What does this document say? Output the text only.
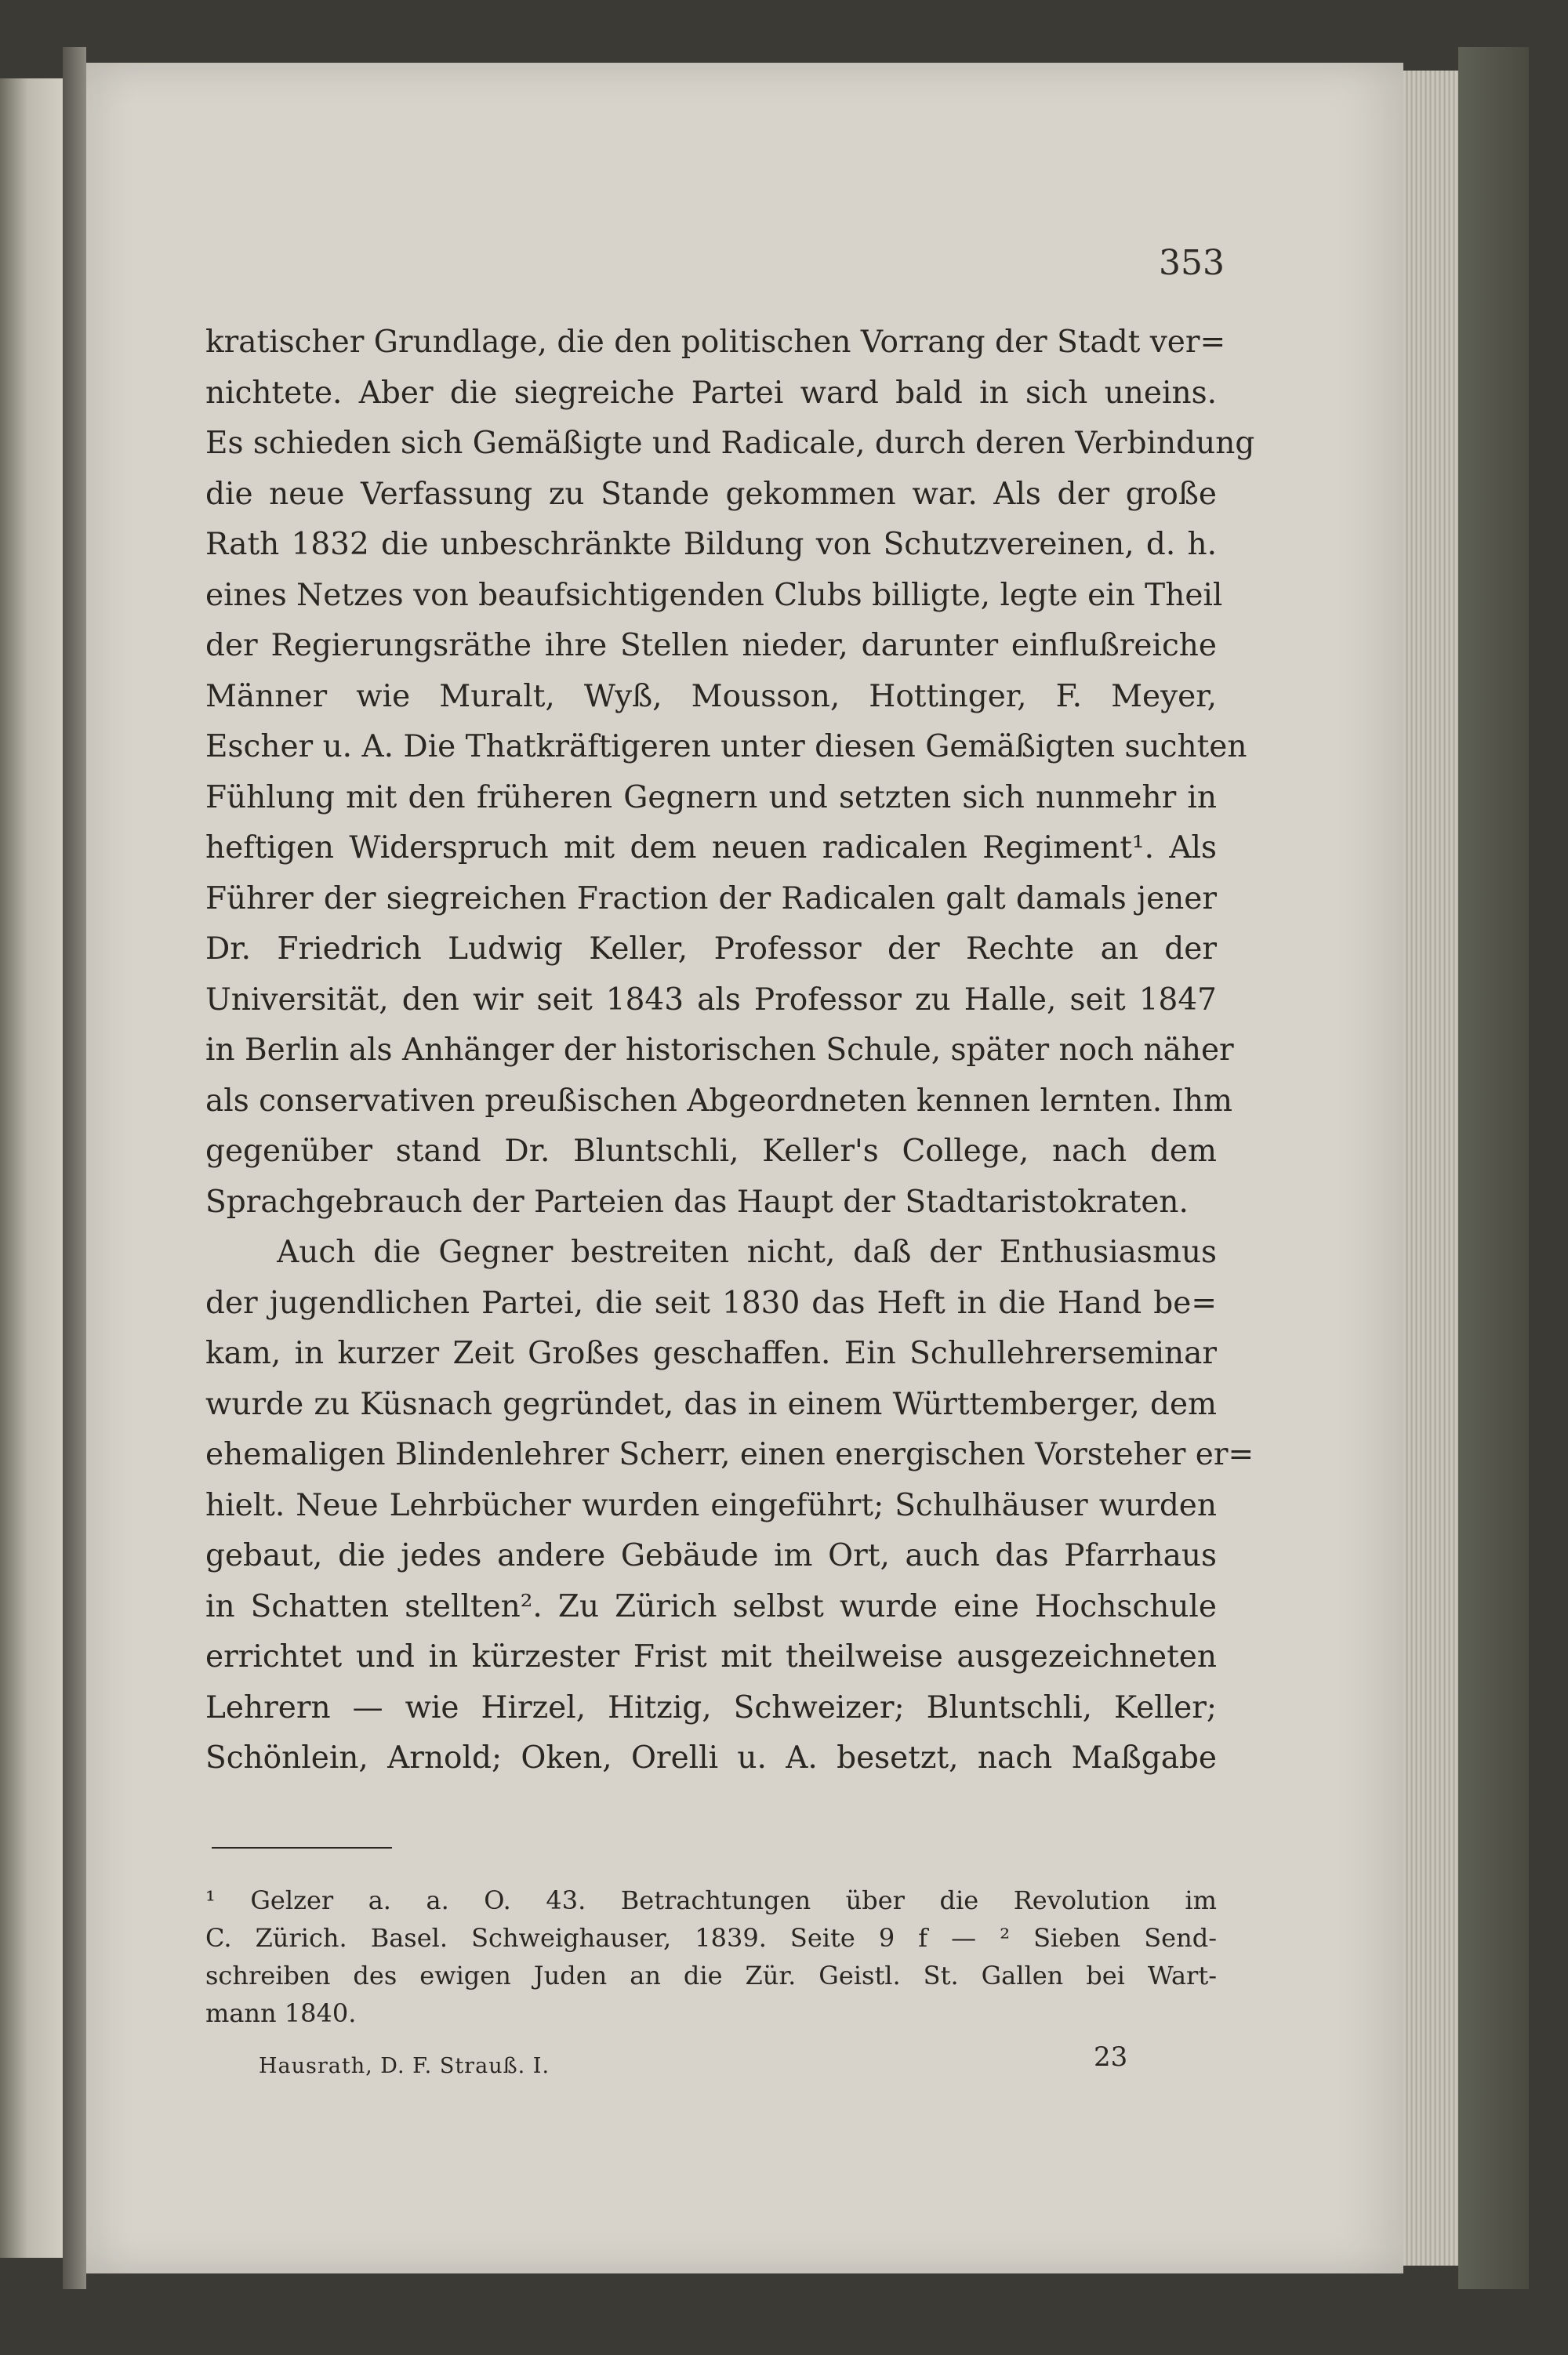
353
kratischer Grundlage, die den politischen Vorrang der Stadt ver=
nichtete. Aber die siegreiche Partei ward bald in sich uneins.
Es schieden sich Gemäßigte und Radicale, durch deren Verbindung
die neue Verfassung zu Stande gekommen war. Als der große
Rath 1832 die unbeschränkte Bildung von Schutzvereinen, d. h.
eines Netzes von beaufsichtigenden Clubs billigte, legte ein Theil
der Regierungsräthe ihre Stellen nieder, darunter einflußreiche
Männer wie Muralt, Wyß, Mousson, Hottinger, F. Meyer,
Escher u. A. Die Thatkräftigeren unter diesen Gemäßigten suchten
Fühlung mit den früheren Gegnern und setzten sich nunmehr in
heftigen Widerspruch mit dem neuen radicalen Regiment¹. Als
Führer der siegreichen Fraction der Radicalen galt damals jener
Dr. Friedrich Ludwig Keller, Professor der Rechte an der
Universität, den wir seit 1843 als Professor zu Halle, seit 1847
in Berlin als Anhänger der historischen Schule, später noch näher
als conservativen preußischen Abgeordneten kennen lernten. Ihm
gegenüber stand Dr. Bluntschli, Keller's College, nach dem
Sprachgebrauch der Parteien das Haupt der Stadtaristokraten.
Auch die Gegner bestreiten nicht, daß der Enthusiasmus
der jugendlichen Partei, die seit 1830 das Heft in die Hand be=
kam, in kurzer Zeit Großes geschaffen. Ein Schullehrerseminar
wurde zu Küsnach gegründet, das in einem Württemberger, dem
ehemaligen Blindenlehrer Scherr, einen energischen Vorsteher er=
hielt. Neue Lehrbücher wurden eingeführt; Schulhäuser wurden
gebaut, die jedes andere Gebäude im Ort, auch das Pfarrhaus
in Schatten stellten². Zu Zürich selbst wurde eine Hochschule
errichtet und in kürzester Frist mit theilweise ausgezeichneten
Lehrern — wie Hirzel, Hitzig, Schweizer; Bluntschli, Keller;
Schönlein, Arnold; Oken, Orelli u. A. besetzt, nach Maßgabe
¹ Gelzer a. a. O. 43. Betrachtungen über die Revolution im
C. Zürich. Basel. Schweighauser, 1839. Seite 9 f — ² Sieben Send-
schreiben des ewigen Juden an die Zür. Geistl. St. Gallen bei Wart-
mann 1840.
Hausrath, D. F. Strauß. I.	23
